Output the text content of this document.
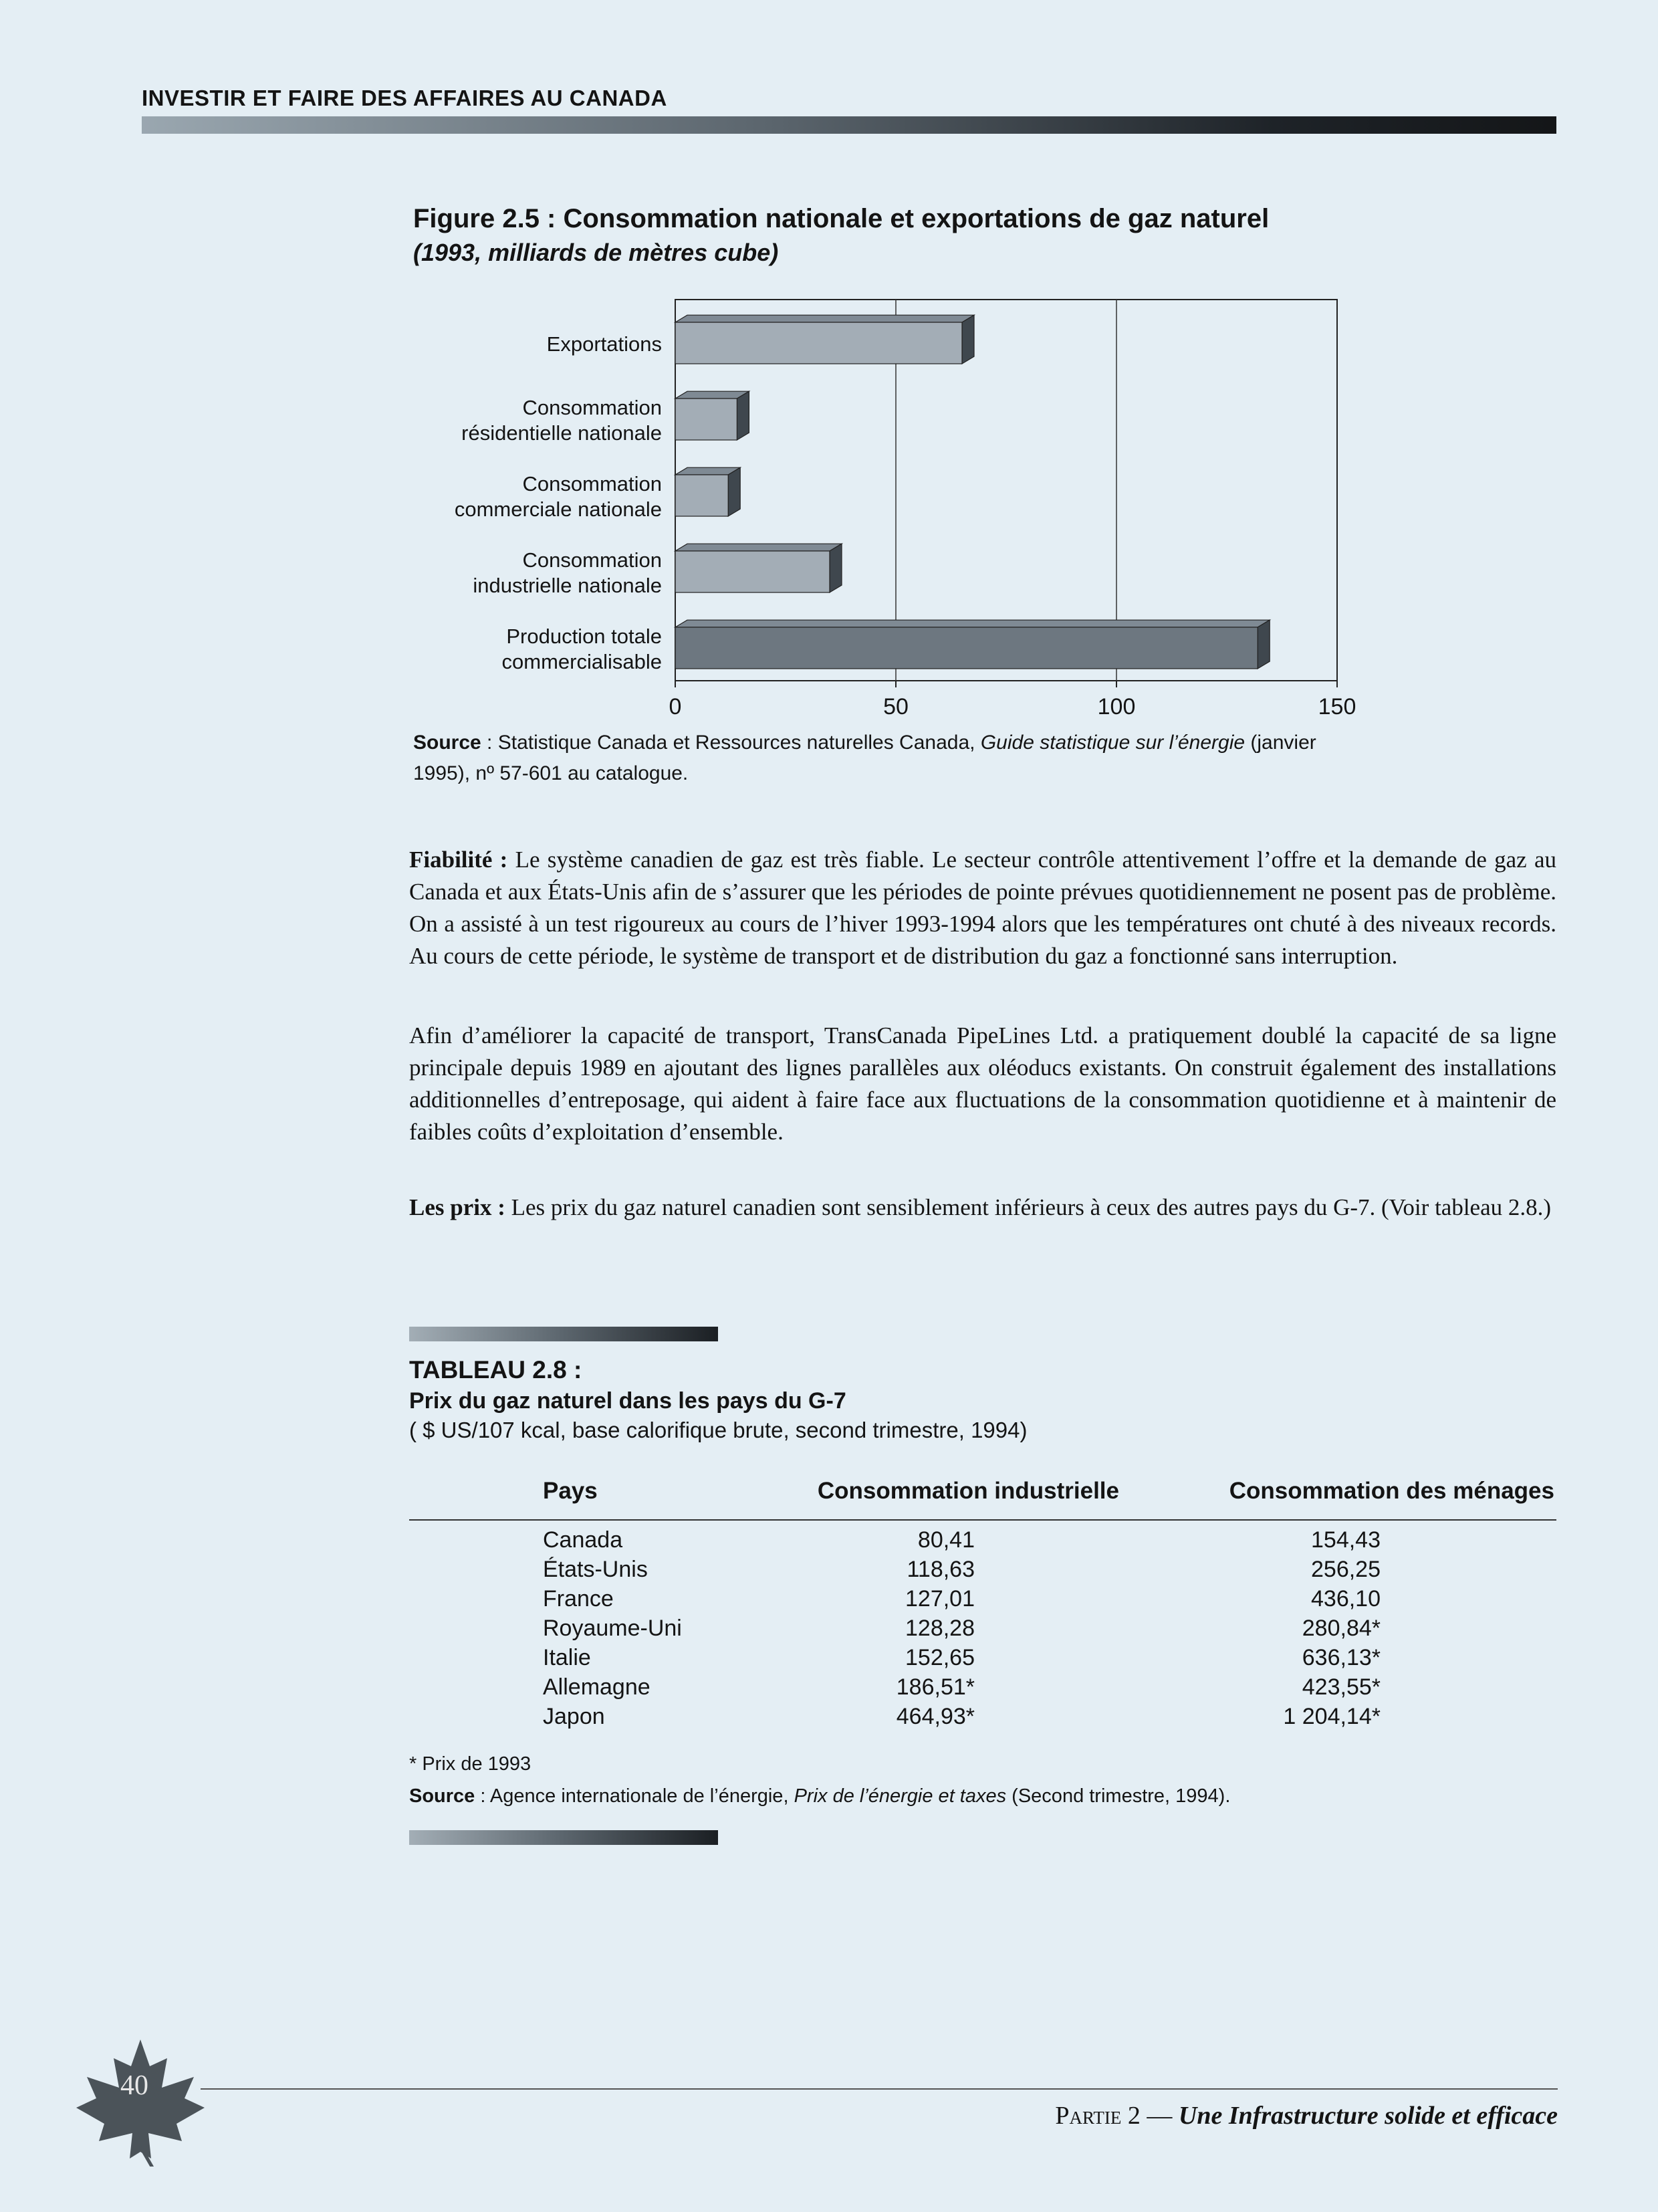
INVESTIR ET FAIRE DES AFFAIRES AU CANADA
Figure 2.5 : Consommation nationale et exportations de gaz naturel
(1993, milliards de mètres cube)
0	50	100	150
Exportations
Consommation
résidentielle nationale
Consommation
commerciale nationale
Consommation
industrielle nationale
Production totale
commercialisable
Source : Statistique Canada et Ressources naturelles Canada, Guide statistique sur l’énergie (janvier 1995), nº 57-601 au catalogue.
Fiabilité : Le système canadien de gaz est très fiable. Le secteur contrôle attentivement l’offre et la demande de gaz au Canada et aux États-Unis afin de s’assurer que les périodes de pointe prévues quotidiennement ne posent pas de problème. On a assisté à un test rigoureux au cours de l’hiver 1993-1994 alors que les températures ont chuté à des niveaux records. Au cours de cette période, le système de transport et de distribution du gaz a fonctionné sans interruption.
Afin d’améliorer la capacité de transport, TransCanada PipeLines Ltd. a pratiquement doublé la capacité de sa ligne principale depuis 1989 en ajoutant des lignes parallèles aux oléoducs existants. On construit également des installations additionnelles d’entreposage, qui aident à faire face aux fluctuations de la consommation quotidienne et à maintenir de faibles coûts d’exploitation d’ensemble.
Les prix : Les prix du gaz naturel canadien sont sensiblement inférieurs à ceux des autres pays du G-7. (Voir tableau 2.8.)
TABLEAU 2.8 :
Prix du gaz naturel dans les pays du G-7
( $ US/107 kcal, base calorifique brute, second trimestre, 1994)
Pays	Consommation industrielle	Consommation des ménages
Canada	80,41	154,43
États-Unis	118,63	256,25
France	127,01	436,10
Royaume-Uni	128,28	280,84*
Italie	152,65	636,13*
Allemagne	186,51*	423,55*
Japon	464,93*	1 204,14*
* Prix de 1993
Source : Agence internationale de l’énergie, Prix de l’énergie et taxes (Second trimestre, 1994).
40
Partie 2 — Une Infrastructure solide et efficace
